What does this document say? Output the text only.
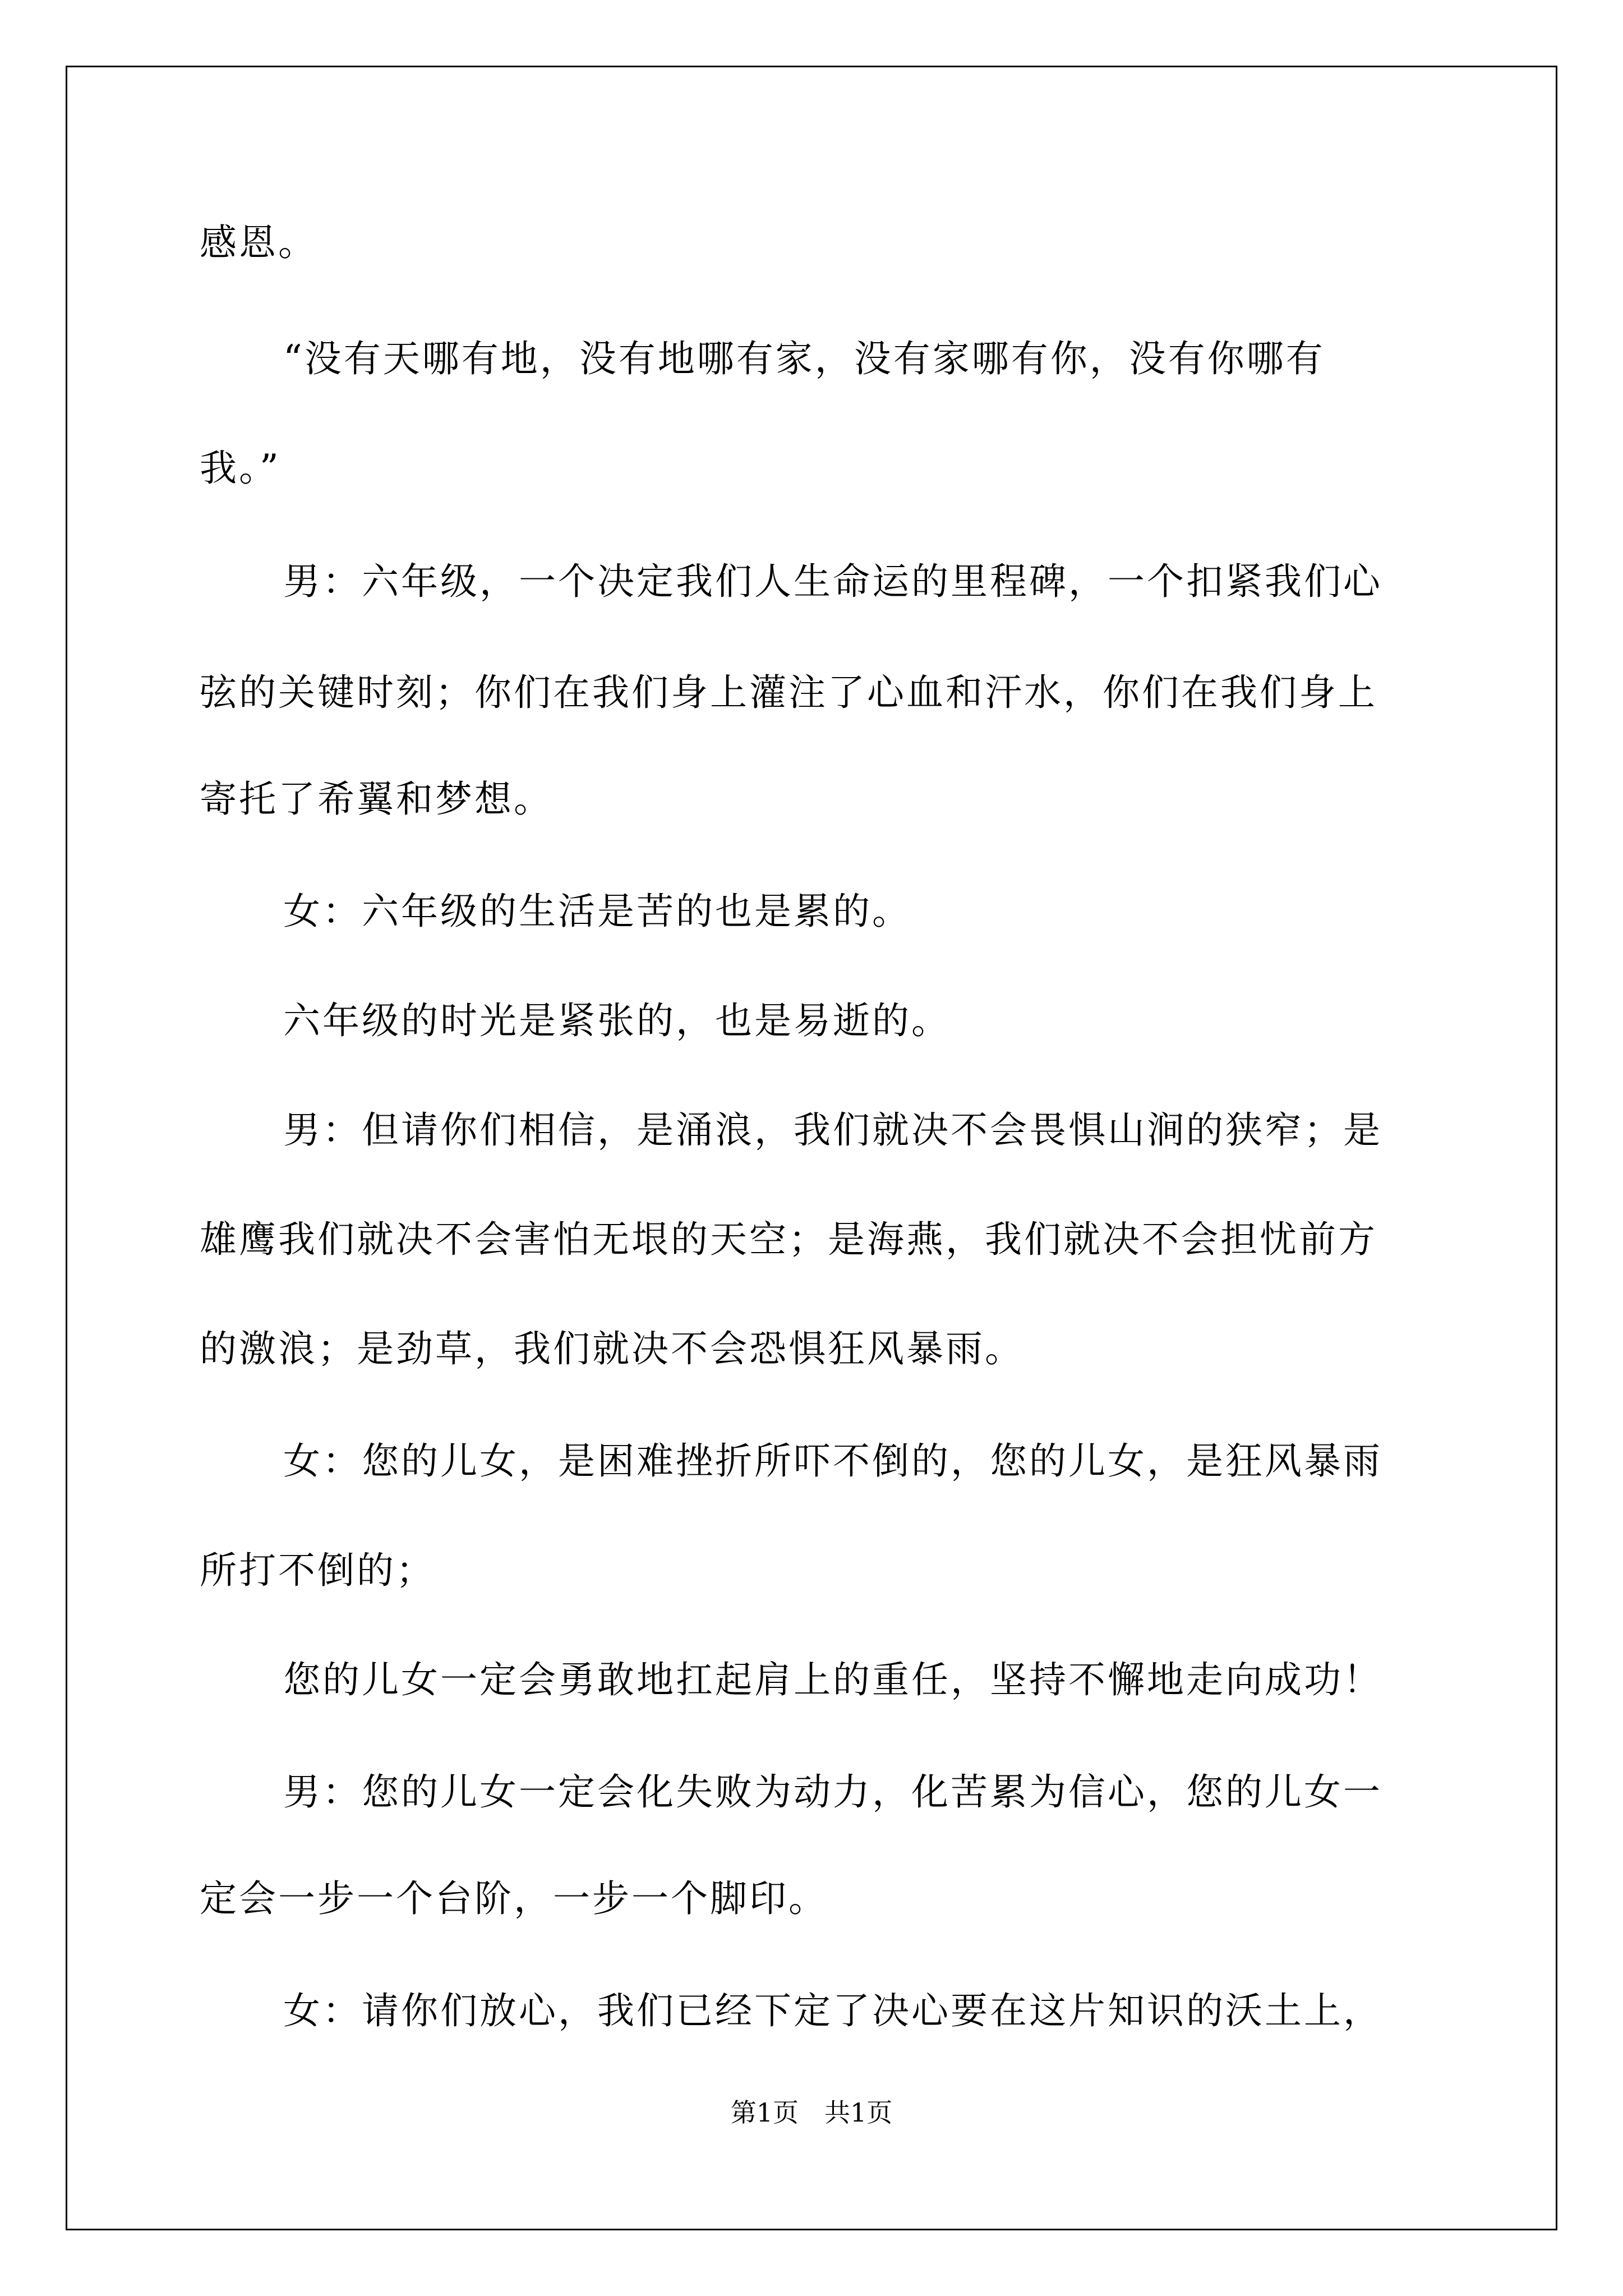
感恩。
“没有天哪有地，没有地哪有家，没有家哪有你，没有你哪有
我。”
男：六年级，一个决定我们人生命运的里程碑，一个扣紧我们心
弦的关键时刻；你们在我们身上灌注了心血和汗水，你们在我们身上
寄托了希翼和梦想。
女：六年级的生活是苦的也是累的。
六年级的时光是紧张的，也是易逝的。
男：但请你们相信，是涌浪，我们就决不会畏惧山涧的狭窄；是
雄鹰我们就决不会害怕无垠的天空；是海燕，我们就决不会担忧前方
的激浪；是劲草，我们就决不会恐惧狂风暴雨。
女：您的儿女，是困难挫折所吓不倒的，您的儿女，是狂风暴雨
所打不倒的；
您的儿女一定会勇敢地扛起肩上的重任，坚持不懈地走向成功！
男：您的儿女一定会化失败为动力，化苦累为信心，您的儿女一
定会一步一个台阶，一步一个脚印。
女：请你们放心，我们已经下定了决心要在这片知识的沃土上，
第1页　共1页
